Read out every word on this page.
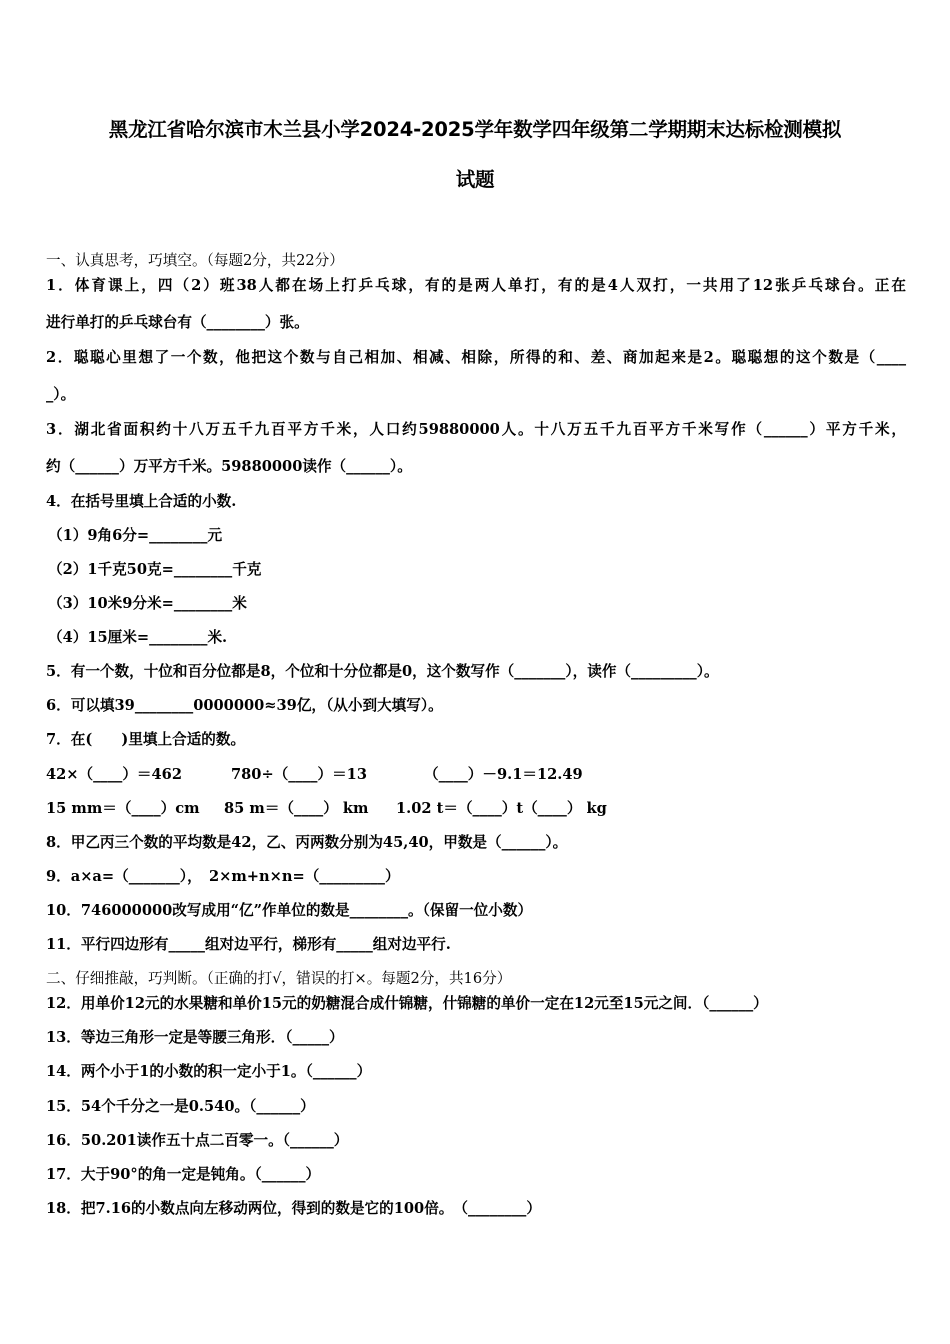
黑龙江省哈尔滨市木兰县小学2024-2025学年数学四年级第二学期期末达标检测模拟
试题
一、认真思考，巧填空。（每题2分，共22分）
1．体育课上，四（2）班38人都在场上打乒乓球，有的是两人单打，有的是4人双打，一共用了12张乒乓球台。正在
进行单打的乒乓球台有（________）张。
2．聪聪心里想了一个数，他把这个数与自己相加、相减、相除，所得的和、差、商加起来是2。聪聪想的这个数是（____
_）。
3．湖北省面积约十八万五千九百平方千米，人口约59880000人。十八万五千九百平方千米写作（______）平方千米，
约（______）万平方千米。59880000读作（______）。
4．在括号里填上合适的小数.
（1）9角6分=________元
（2）1千克50克=________千克
（3）10米9分米=________米
（4）15厘米=________米.
5．有一个数，十位和百分位都是8，个位和十分位都是0，这个数写作（_______），读作（_________）。
6．可以填39________0000000≈39亿，（从小到大填写）。
7．在(　　)里填上合适的数。
42×（____）＝462	780÷（____）＝13	（____）－9.1＝12.49
15 mm＝（____）cm 85 m＝（____） km 1.02 t＝（____）t（____） kg
8．甲乙丙三个数的平均数是42，乙、丙两数分别为45,40，甲数是（______）。
9．a×a=（_______），　2×m+n×n=（_________）
10．746000000改写成用“亿”作单位的数是________。（保留一位小数）
11．平行四边形有_____组对边平行，梯形有_____组对边平行.
二、仔细推敲，巧判断。（正确的打√，错误的打×。每题2分，共16分）
12．用单价12元的水果糖和单价15元的奶糖混合成什锦糖，什锦糖的单价一定在12元至15元之间．（______）
13．等边三角形一定是等腰三角形．（_____）
14．两个小于1的小数的积一定小于1。（______）
15．54个千分之一是0.540。（______）
16．50.201读作五十点二百零一。（______）
17．大于90°的角一定是钝角。（______）
18．把7.16的小数点向左移动两位，得到的数是它的100倍。　（________）
